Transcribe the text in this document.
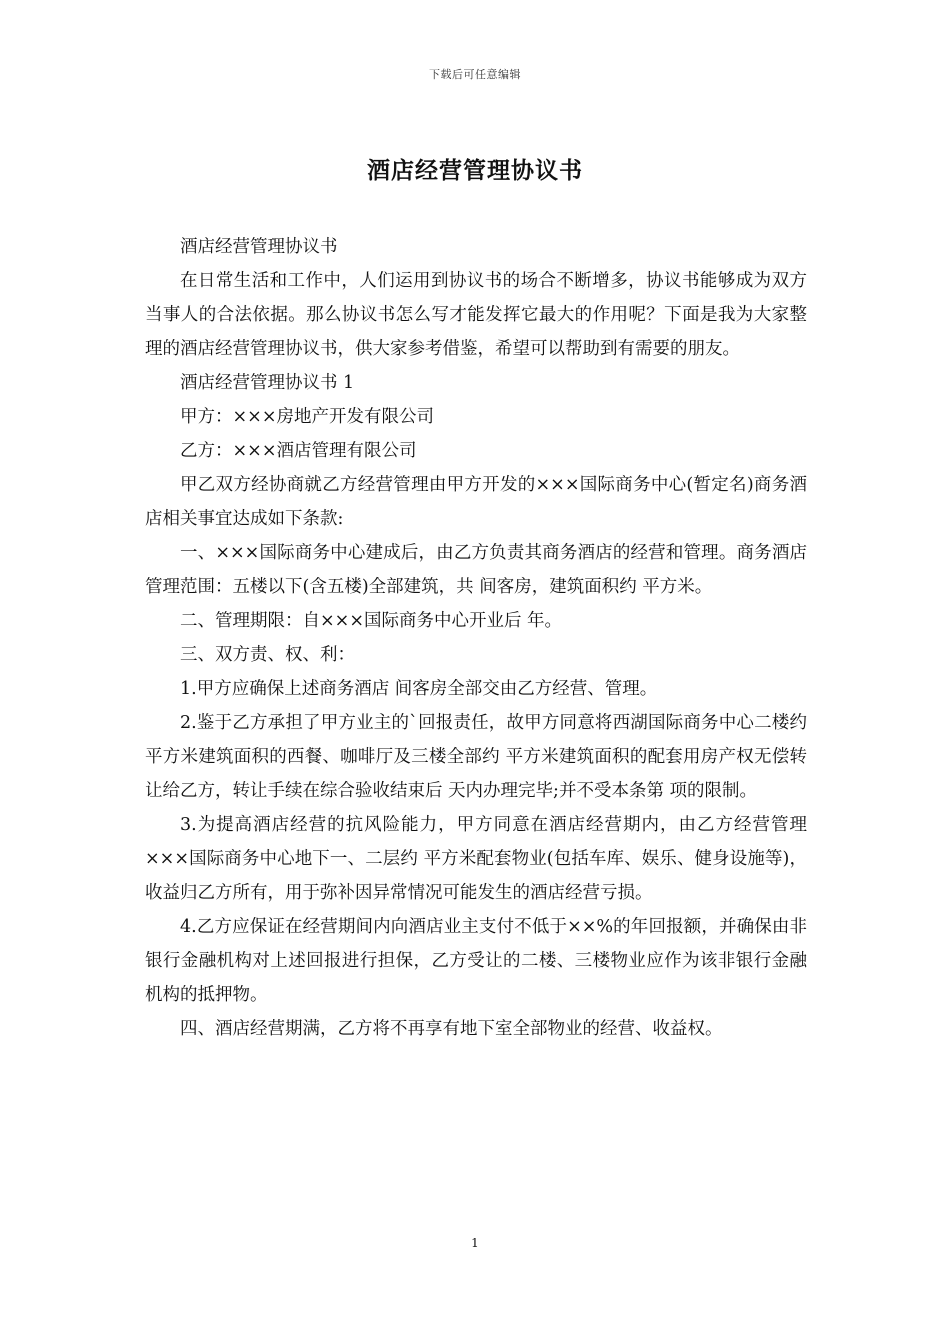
下载后可任意编辑
酒店经营管理协议书

酒店经营管理协议书

在日常生活和工作中，人们运用到协议书的场合不断增多，协议书能够成为双方当事人的合法依据。那么协议书怎么写才能发挥它最大的作用呢？下面是我为大家整理的酒店经营管理协议书，供大家参考借鉴，希望可以帮助到有需要的朋友。

酒店经营管理协议书 1

甲方：×××房地产开发有限公司

乙方：×××酒店管理有限公司

甲乙双方经协商就乙方经营管理由甲方开发的×××国际商务中心(暂定名)商务酒店相关事宜达成如下条款:

一、×××国际商务中心建成后，由乙方负责其商务酒店的经营和管理。商务酒店管理范围：五楼以下(含五楼)全部建筑，共 间客房，建筑面积约 平方米。

二、管理期限：自×××国际商务中心开业后 年。

三、双方责、权、利：

1.甲方应确保上述商务酒店 间客房全部交由乙方经营、管理。

2.鉴于乙方承担了甲方业主的`回报责任，故甲方同意将西湖国际商务中心二楼约 平方米建筑面积的西餐、咖啡厅及三楼全部约 平方米建筑面积的配套用房产权无偿转让给乙方，转让手续在综合验收结束后 天内办理完毕;并不受本条第 项的限制。

3.为提高酒店经营的抗风险能力，甲方同意在酒店经营期内，由乙方经营管理×××国际商务中心地下一、二层约 平方米配套物业(包括车库、娱乐、健身设施等)，收益归乙方所有，用于弥补因异常情况可能发生的酒店经营亏损。

4.乙方应保证在经营期间内向酒店业主支付不低于××%的年回报额，并确保由非银行金融机构对上述回报进行担保，乙方受让的二楼、三楼物业应作为该非银行金融机构的抵押物。

四、酒店经营期满，乙方将不再享有地下室全部物业的经营、收益权。

1
